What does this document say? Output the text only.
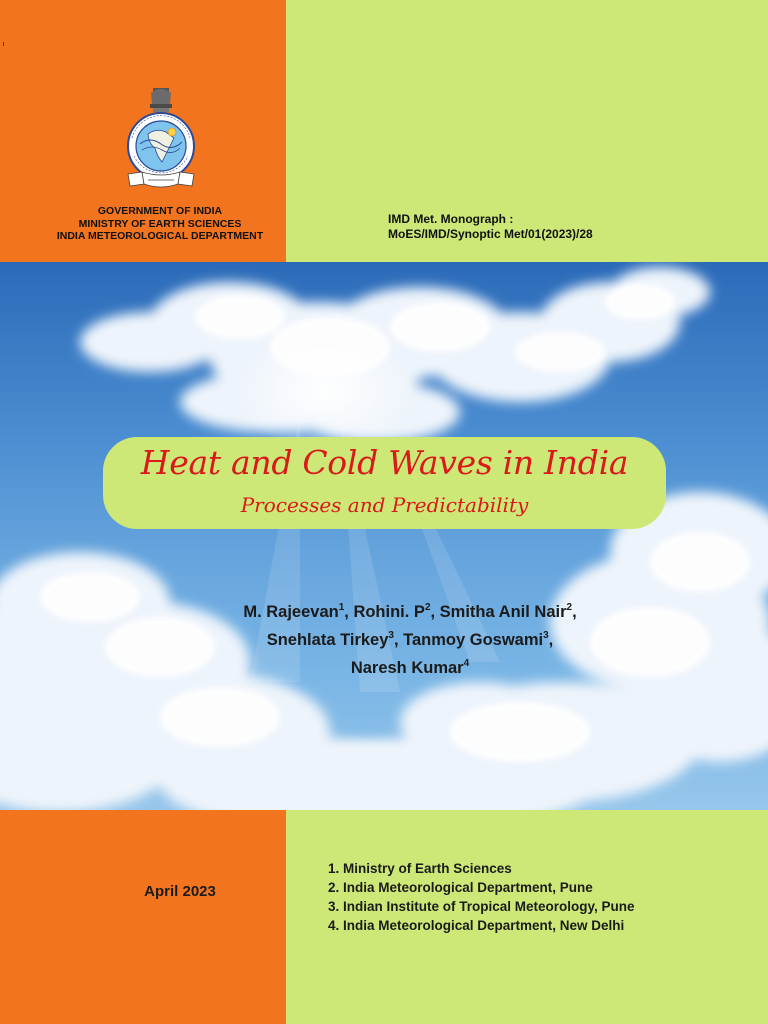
GOVERNMENT OF INDIA
MINISTRY OF EARTH SCIENCES
INDIA METEOROLOGICAL DEPARTMENT
IMD Met. Monograph :
MoES/IMD/Synoptic Met/01(2023)/28
Heat and Cold Waves in India
Processes and Predictability
M. Rajeevan$^1$, Rohini. $P^2$, Smitha Anil Nair$^2$,
Snehlata Tirkey$^3$, Tanmoy Goswami$^3$,
Naresh Kumar$^4$
April 2023
1. Ministry of Earth Sciences
2. India Meteorological Department, Pune
3. Indian Institute of Tropical Meteorology, Pune
4. India Meteorological Department, New Delhi
